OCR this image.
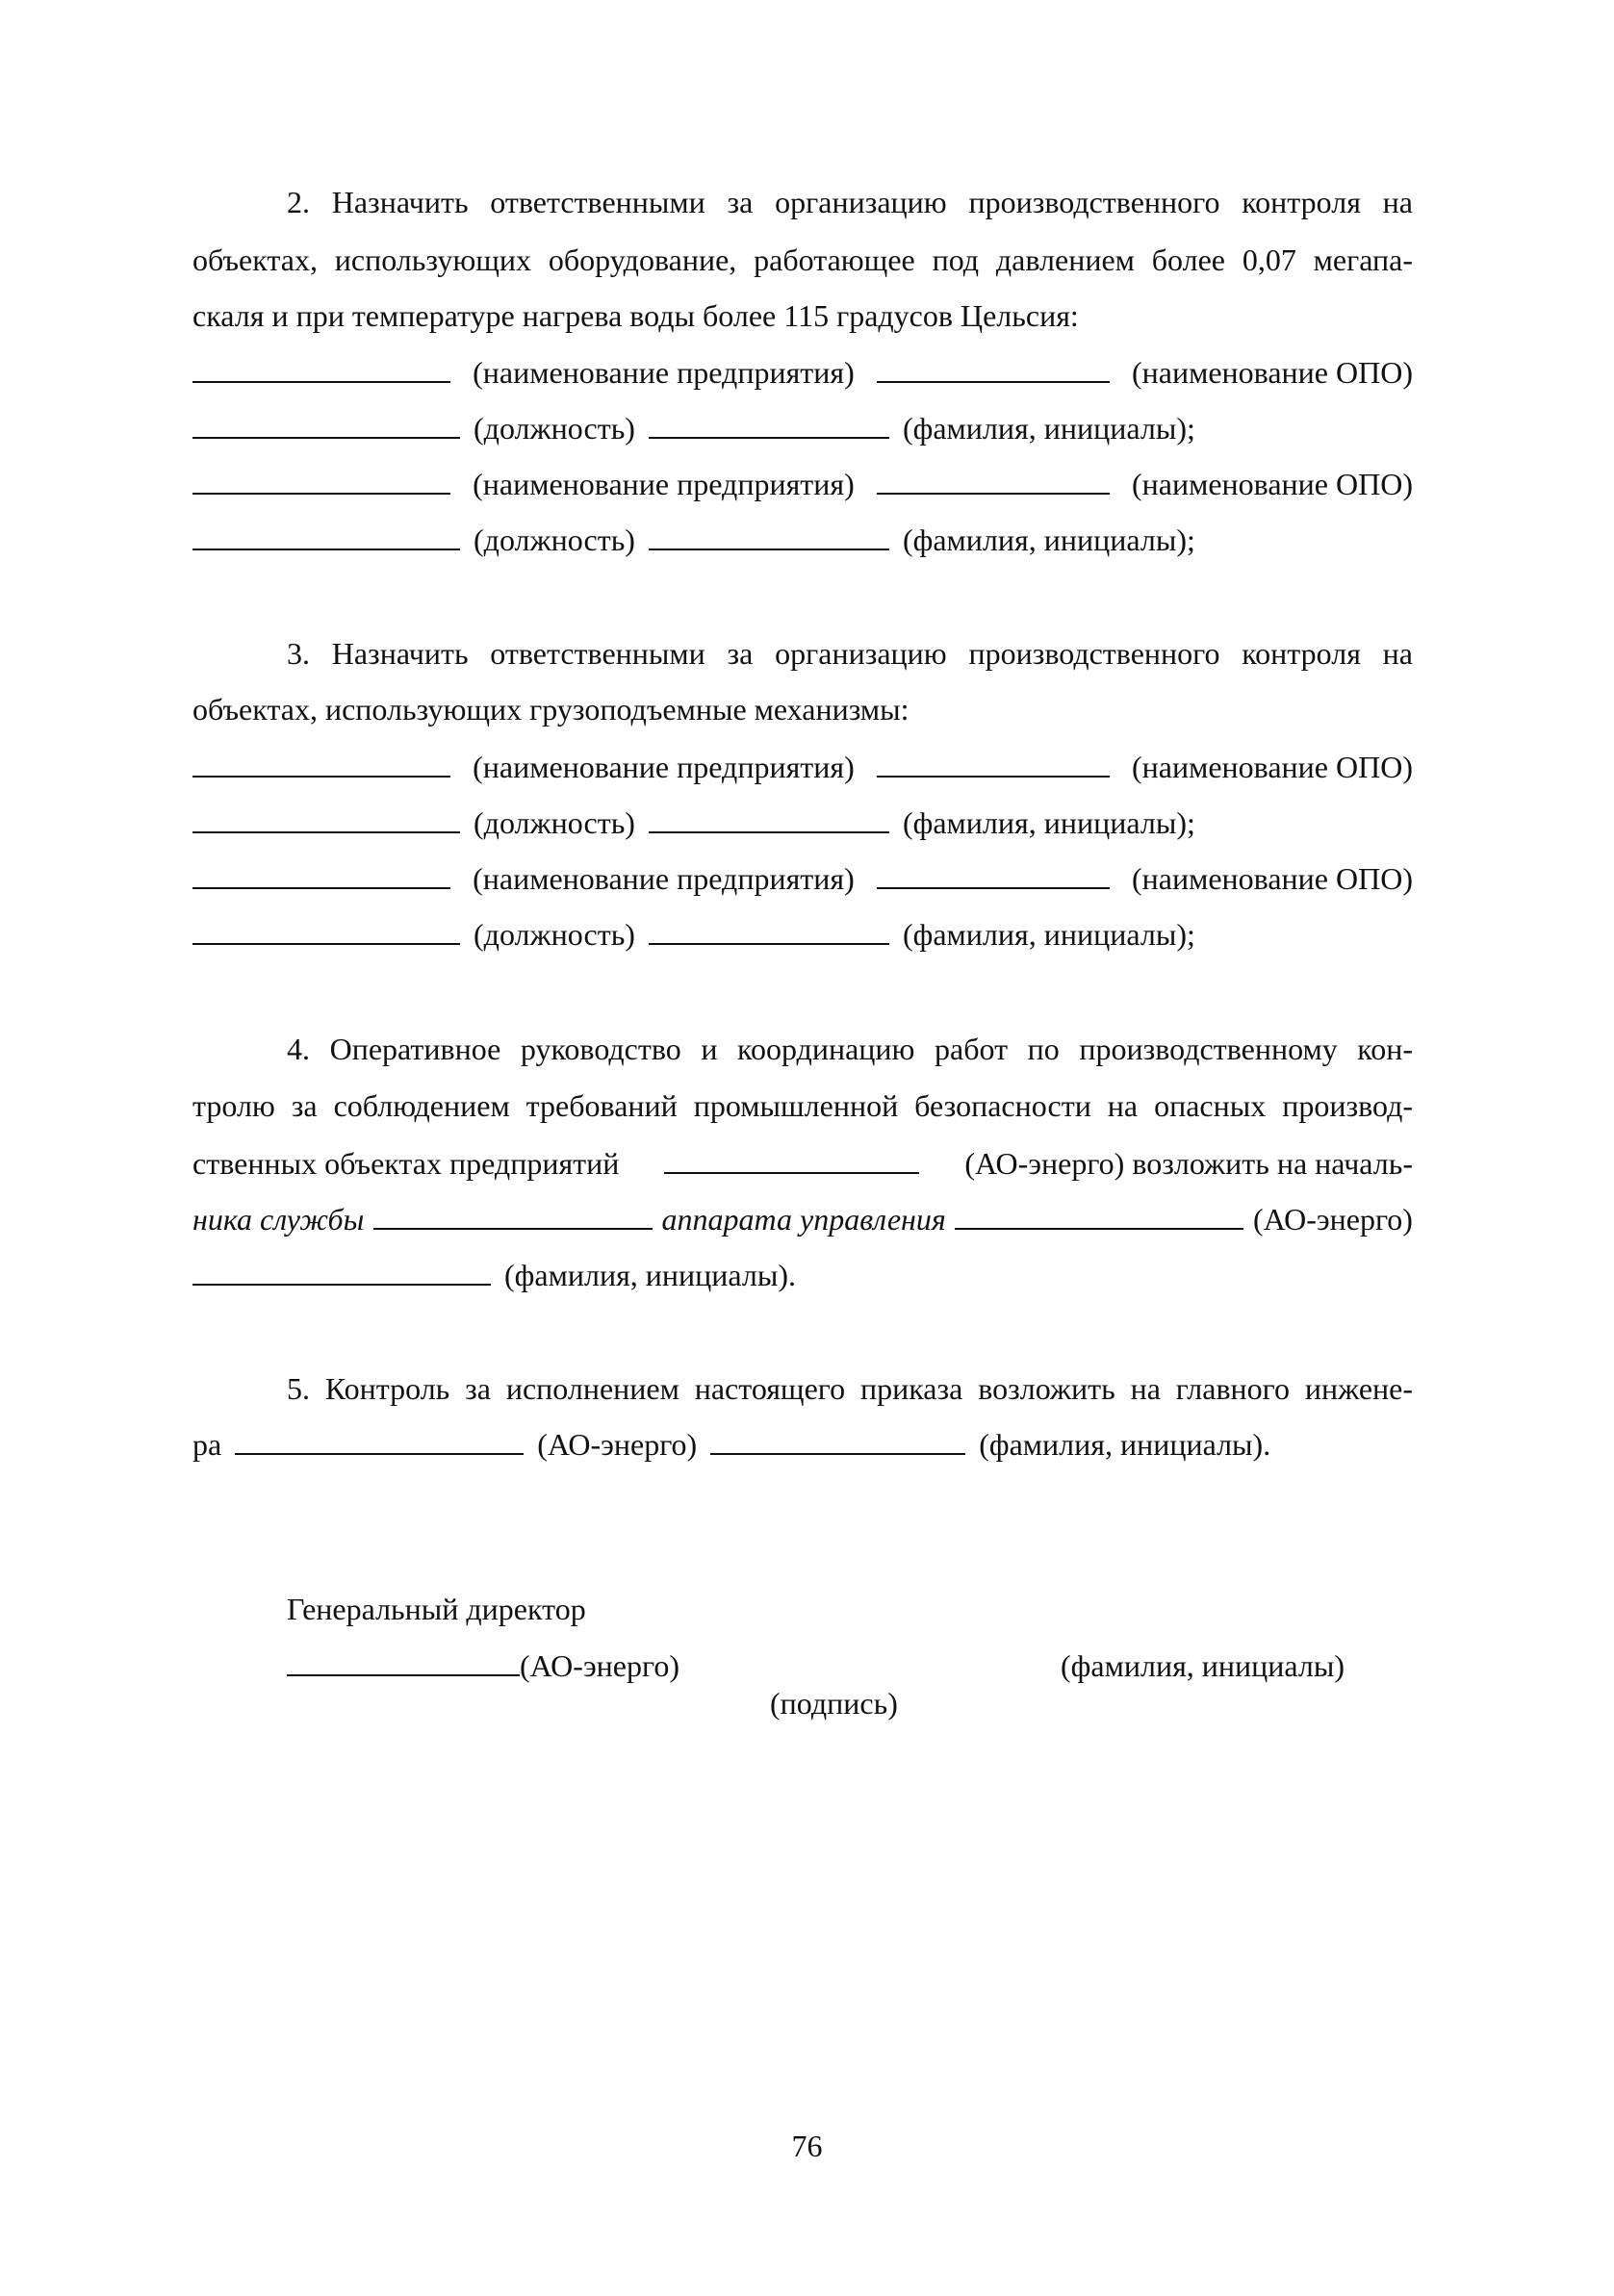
2. Назначить ответственными за организацию производственного контроля на
объектах, использующих оборудование, работающее под давлением более 0,07 мегапа-
скаля и при температуре нагрева воды более 115 градусов Цельсия:
(наименование предприятия)	(наименование ОПО)
(должность)	(фамилия, инициалы);
(наименование предприятия)	(наименование ОПО)
(должность)	(фамилия, инициалы);
3. Назначить ответственными за организацию производственного контроля на
объектах, использующих грузоподъемные механизмы:
(наименование предприятия)	(наименование ОПО)
(должность)	(фамилия, инициалы);
(наименование предприятия)	(наименование ОПО)
(должность)	(фамилия, инициалы);
4. Оперативное руководство и координацию работ по производственному кон-
тролю за соблюдением требований промышленной безопасности на опасных производ-
ственных объектах предприятий	(АО-энерго) возложить на началь-
ника службы	аппарата управления	(АО-энерго)
(фамилия, инициалы).
5. Контроль за исполнением настоящего приказа возложить на главного инжене-
ра	(АО-энерго)	(фамилия, инициалы).
Генеральный директор
(АО-энерго)
(подпись)
(фамилия, инициалы)
76
